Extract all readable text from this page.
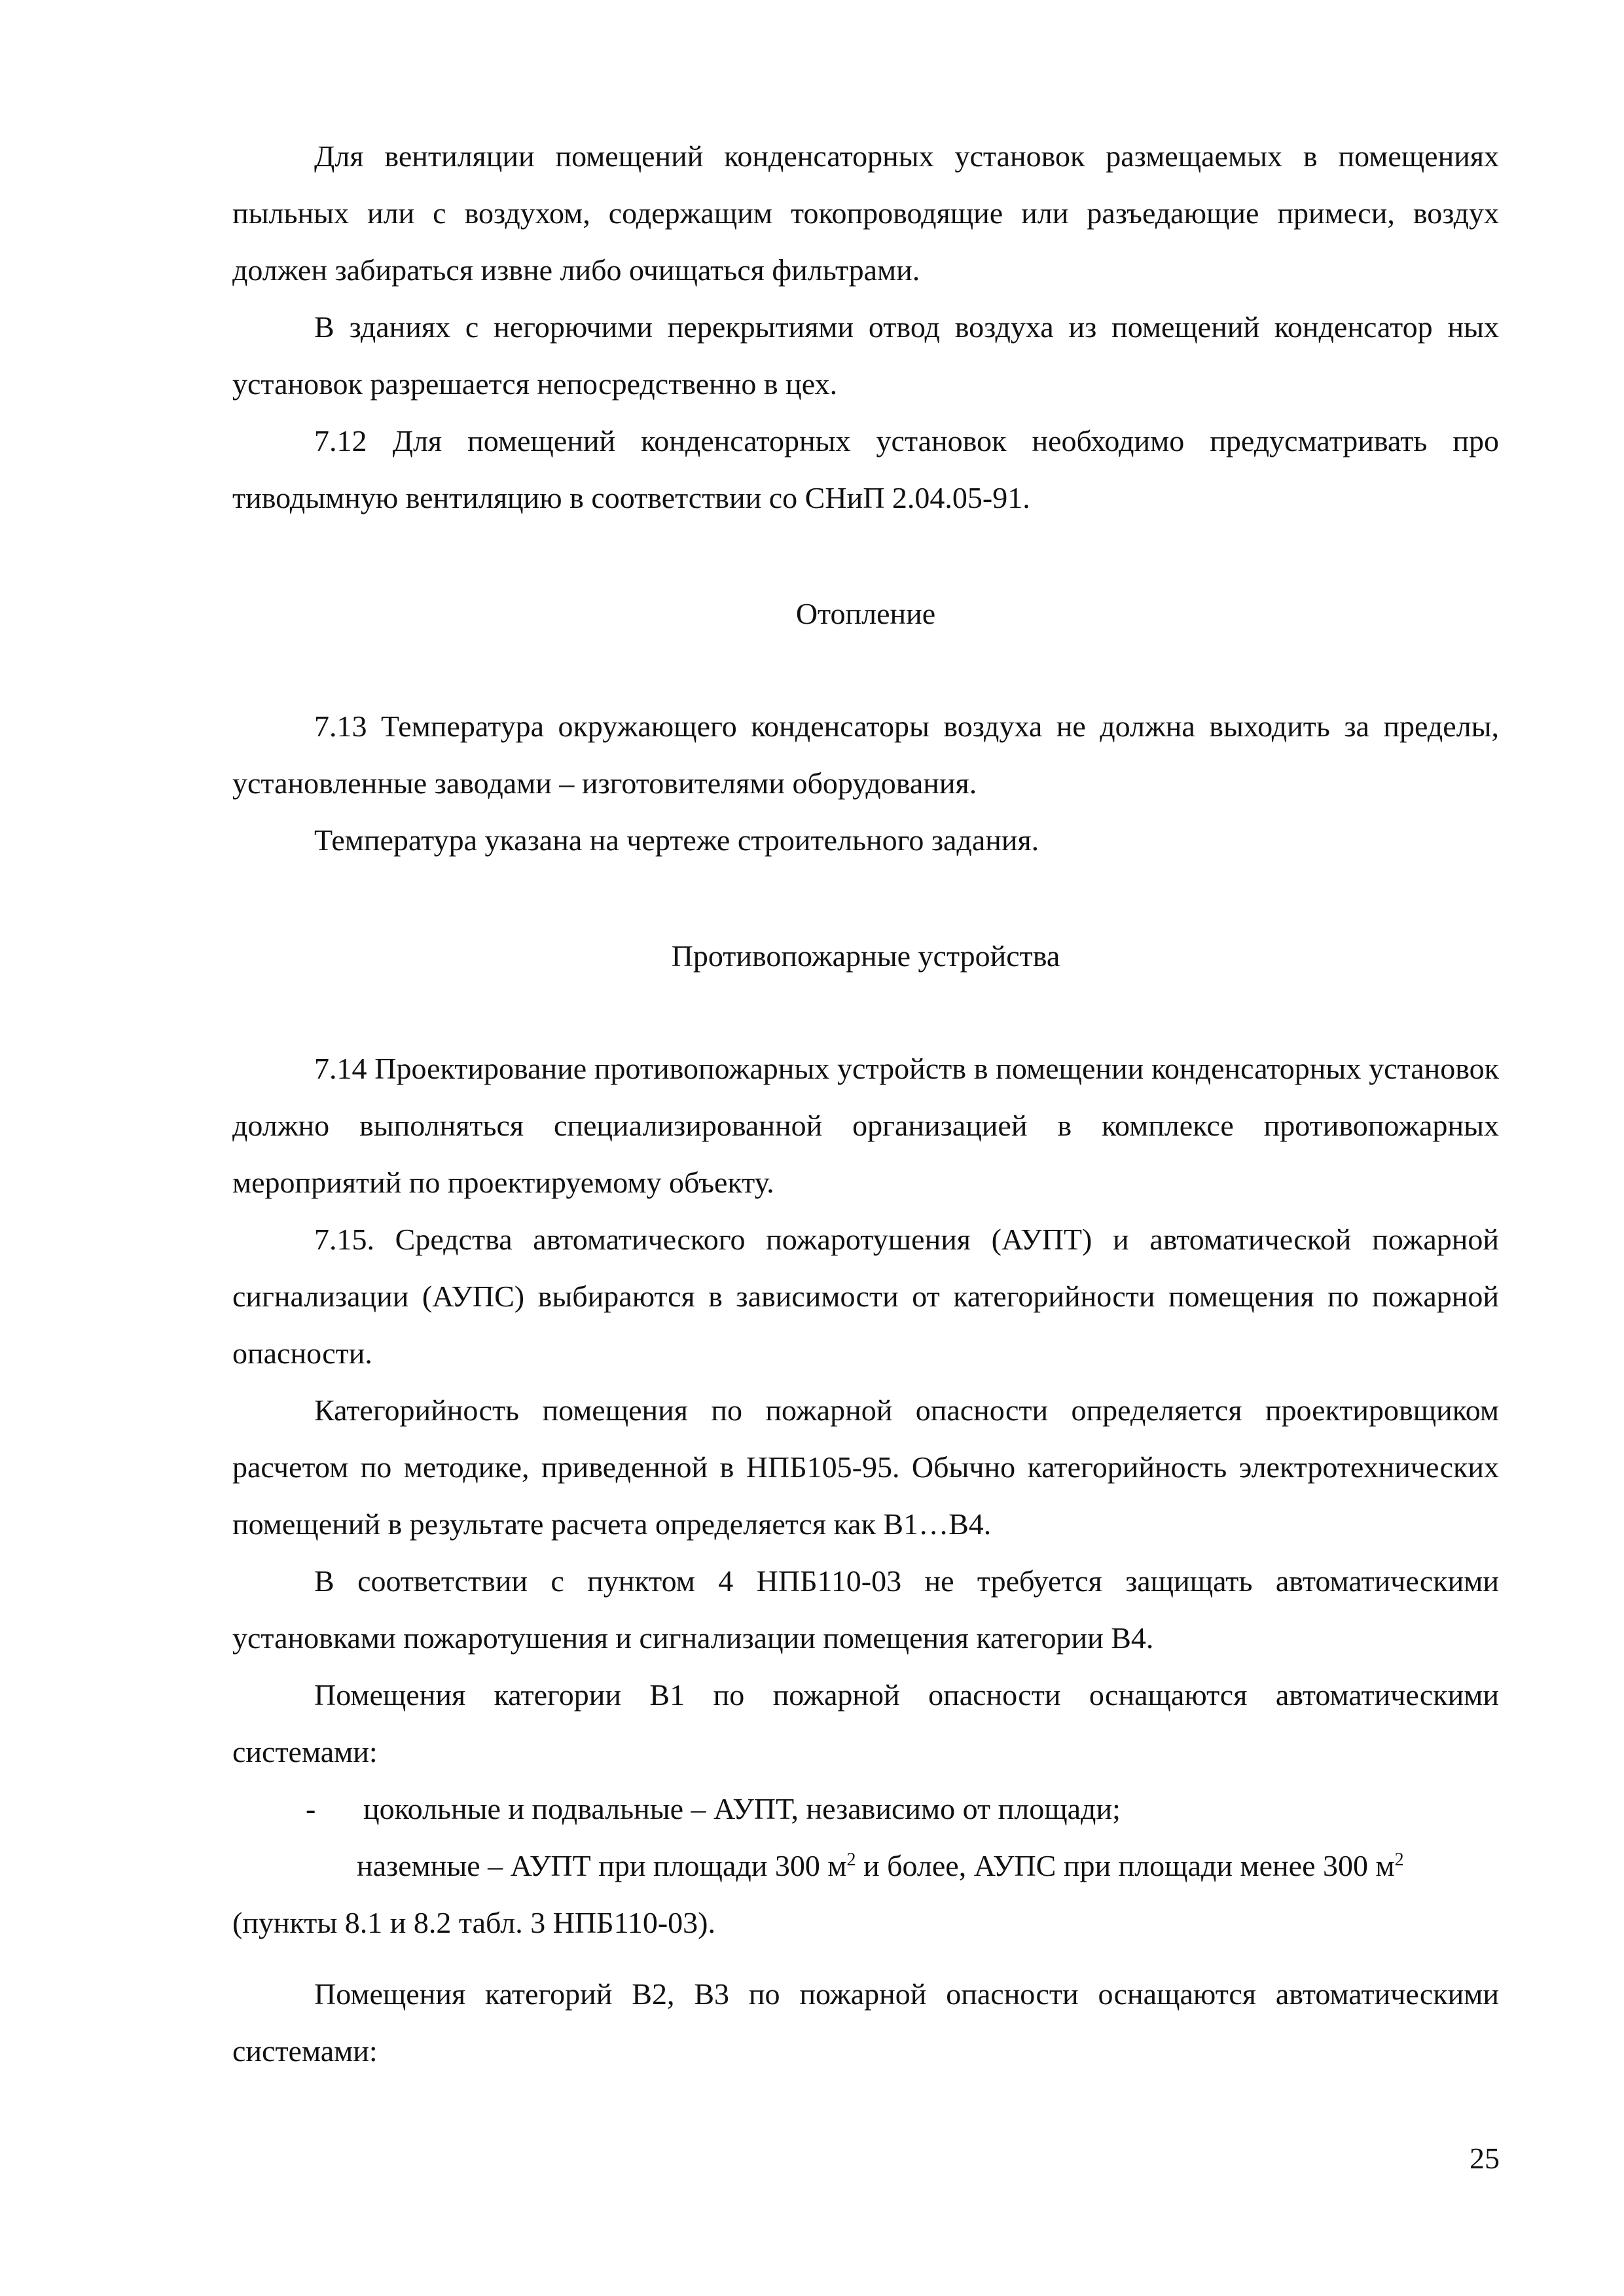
Для вентиляции помещений конденсаторных установок размещаемых в помещениях пыльных или с воздухом, содержащим токопроводящие или разъедающие примеси, воздух должен забираться извне либо очищаться фильтрами.

В зданиях с негорючими перекрытиями отвод воздуха из помещений конденсатор ных установок разрешается непосредственно в цех.

7.12 Для помещений конденсаторных установок необходимо предусматривать про тиводымную вентиляцию в соответствии со СНиП 2.04.05-91.

Отопление

7.13 Температура окружающего конденсаторы воздуха не должна выходить за пределы, установленные заводами – изготовителями оборудования.

Температура указана на чертеже строительного задания.

Противопожарные устройства

7.14 Проектирование противопожарных устройств в помещении конденсаторных установок должно выполняться специализированной организацией в комплексе противопожарных мероприятий по проектируемому объекту.

7.15. Средства автоматического пожаротушения (АУПТ) и автоматической пожарной сигнализации (АУПС) выбираются в зависимости от категорийности помещения по пожарной опасности.

Категорийность помещения по пожарной опасности определяется проектировщиком расчетом по методике, приведенной в НПБ105-95. Обычно категорийность электротехнических помещений в результате расчета определяется как В1…В4.

В соответствии с пунктом 4 НПБ110-03 не требуется защищать автоматическими установками пожаротушения и сигнализации помещения категории В4.

Помещения категории В1 по пожарной опасности оснащаются автоматическими системами:

- цокольные и подвальные – АУПТ, независимо от площади;
наземные – АУПТ при площади 300 $м^2$ и более, АУПС при площади менее 300 $м^2$
(пункты 8.1 и 8.2 табл. 3 НПБ110-03).

Помещения категорий В2, В3 по пожарной опасности оснащаются автоматическими системами:

25
